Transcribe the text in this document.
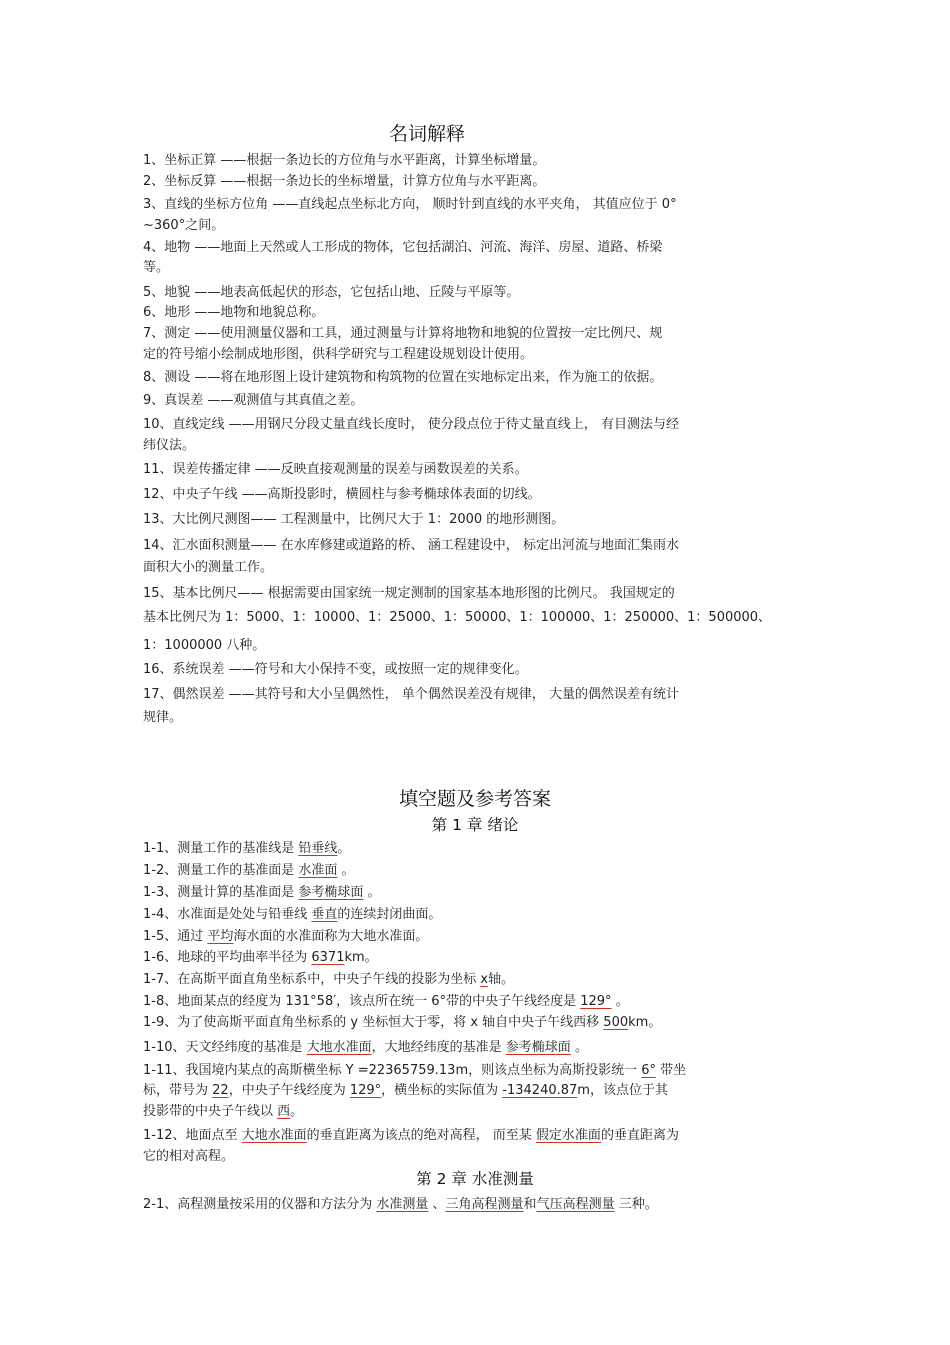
名词解释
1、坐标正算 ——根据一条边长的方位角与水平距离，计算坐标增量。
2、坐标反算 ——根据一条边长的坐标增量，计算方位角与水平距离。
3、直线的坐标方位角 ——直线起点坐标北方向， 顺时针到直线的水平夹角， 其值应位于 0°
~360°之间。
4、地物 ——地面上天然或人工形成的物体，它包括湖泊、河流、海洋、房屋、道路、桥梁
等。
5、地貌 ——地表高低起伏的形态，它包括山地、丘陵与平原等。
6、地形 ——地物和地貌总称。
7、测定 ——使用测量仪器和工具，通过测量与计算将地物和地貌的位置按一定比例尺、规
定的符号缩小绘制成地形图，供科学研究与工程建设规划设计使用。
8、测设 ——将在地形图上设计建筑物和构筑物的位置在实地标定出来，作为施工的依据。
9、真误差 ——观测值与其真值之差。
10、直线定线 ——用钢尺分段丈量直线长度时， 使分段点位于待丈量直线上， 有目测法与经
纬仪法。
11、误差传播定律 ——反映直接观测量的误差与函数误差的关系。
12、中央子午线 ——高斯投影时，横圆柱与参考椭球体表面的切线。
13、大比例尺测图—— 工程测量中，比例尺大于 1：2000 的地形测图。
14、汇水面积测量—— 在水库修建或道路的桥、 涵工程建设中， 标定出河流与地面汇集雨水
面积大小的测量工作。
15、基本比例尺—— 根据需要由国家统一规定测制的国家基本地形图的比例尺。 我国规定的
基本比例尺为 1：5000、1：10000、1：25000、1：50000、1：100000、1：250000、1：500000、
1：1000000 八种。
16、系统误差 ——符号和大小保持不变，或按照一定的规律变化。
17、偶然误差 ——其符号和大小呈偶然性， 单个偶然误差没有规律， 大量的偶然误差有统计
规律。
填空题及参考答案
第 1 章 绪论
1-1、测量工作的基准线是 铅垂线。
1-2、测量工作的基准面是 水准面 。
1-3、测量计算的基准面是 参考椭球面 。
1-4、水准面是处处与铅垂线 垂直的连续封闭曲面。
1-5、通过 平均海水面的水准面称为大地水准面。
1-6、地球的平均曲率半径为 6371km。
1-7、在高斯平面直角坐标系中，中央子午线的投影为坐标 x轴。
1-8、地面某点的经度为 131°58′，该点所在统一 6°带的中央子午线经度是 129° 。
1-9、为了使高斯平面直角坐标系的 y 坐标恒大于零，将 x 轴自中央子午线西移 500km。
1-10、天文经纬度的基准是 大地水准面，大地经纬度的基准是 参考椭球面 。
1-11、我国境内某点的高斯横坐标 Y =22365759.13m，则该点坐标为高斯投影统一 6° 带坐
标，带号为 22，中央子午线经度为 129°，横坐标的实际值为 -134240.87m，该点位于其
投影带的中央子午线以 西。
1-12、地面点至 大地水准面的垂直距离为该点的绝对高程， 而至某 假定水准面的垂直距离为
它的相对高程。
第 2 章 水准测量
2-1、高程测量按采用的仪器和方法分为 水准测量 、三角高程测量和气压高程测量 三种。
